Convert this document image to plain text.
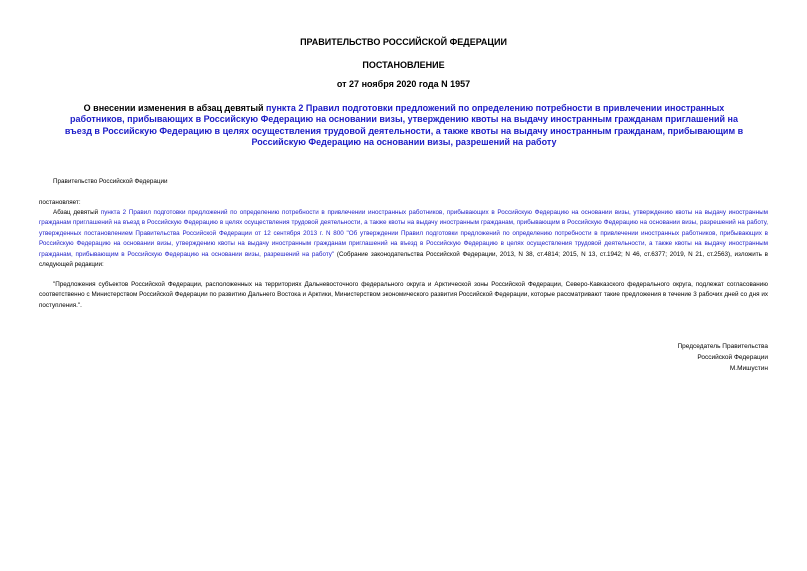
ПРАВИТЕЛЬСТВО РОССИЙСКОЙ ФЕДЕРАЦИИ
ПОСТАНОВЛЕНИЕ
от 27 ноября 2020 года N 1957
О внесении изменения в абзац девятый пункта 2 Правил подготовки предложений по определению потребности в привлечении иностранных работников, прибывающих в Российскую Федерацию на основании визы, утверждению квоты на выдачу иностранным гражданам приглашений на въезд в Российскую Федерацию в целях осуществления трудовой деятельности, а также квоты на выдачу иностранным гражданам, прибывающим в Российскую Федерацию на основании визы, разрешений на работу
Правительство Российской Федерации
постановляет:
Абзац девятый пункта 2 Правил подготовки предложений по определению потребности в привлечении иностранных работников, прибывающих в Российскую Федерацию на основании визы, утверждению квоты на выдачу иностранным гражданам приглашений на въезд в Российскую Федерацию в целях осуществления трудовой деятельности, а также квоты на выдачу иностранным гражданам, прибывающим в Российскую Федерацию на основании визы, разрешений на работу, утвержденных постановлением Правительства Российской Федерации от 12 сентября 2013 г. N 800 "Об утверждении Правил подготовки предложений по определению потребности в привлечении иностранных работников, прибывающих в Российскую Федерацию на основании визы, утверждению квоты на выдачу иностранным гражданам приглашений на въезд в Российскую Федерацию в целях осуществления трудовой деятельности, а также квоты на выдачу иностранным гражданам, прибывающим в Российскую Федерацию на основании визы, разрешений на работу" (Собрание законодательства Российской Федерации, 2013, N 38, ст.4814; 2015, N 13, ст.1942; N 46, ст.6377; 2019, N 21, ст.2563), изложить в следующей редакции:
"Предложения субъектов Российской Федерации, расположенных на территориях Дальневосточного федерального округа и Арктической зоны Российской Федерации, Северо-Кавказского федерального округа, подлежат согласованию соответственно с Министерством Российской Федерации по развитию Дальнего Востока и Арктики, Министерством экономического развития Российской Федерации, которые рассматривают такие предложения в течение 3 рабочих дней со дня их поступления.".
Председатель Правительства
Российской Федерации
М.Мишустин
